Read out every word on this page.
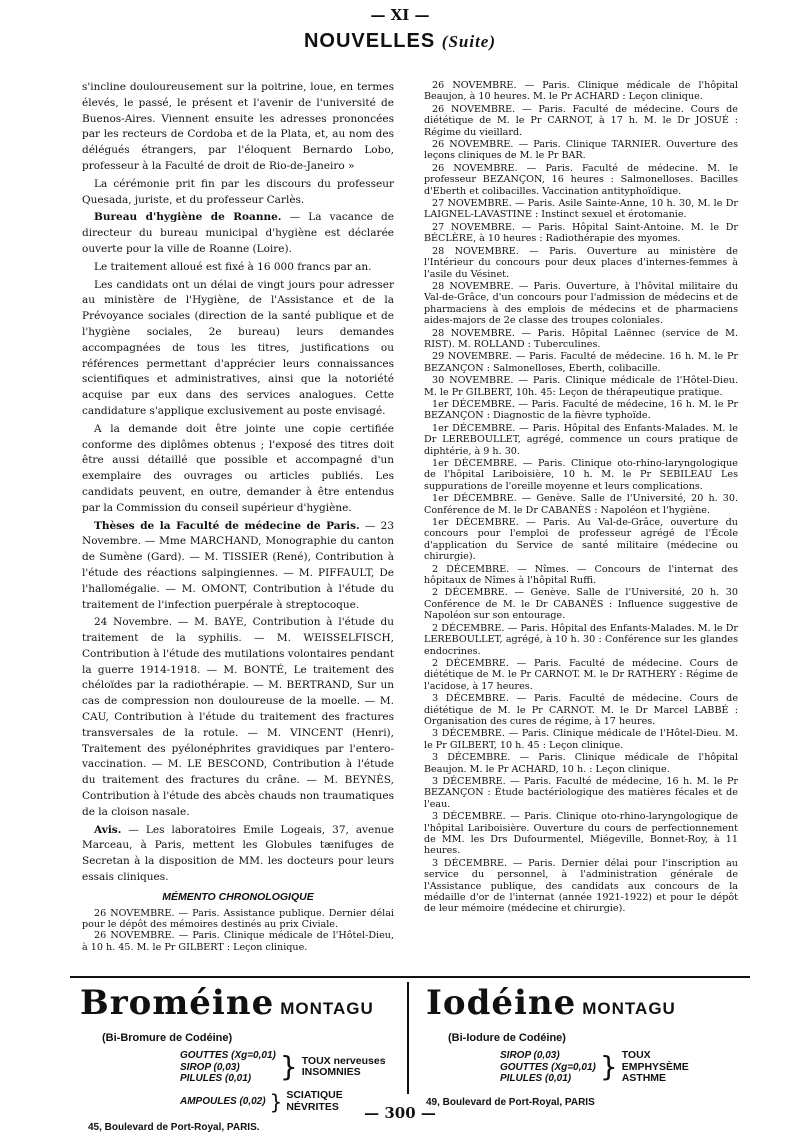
— XI —
NOUVELLES (Suite)

s'incline douloureusement sur la poitrine, loue, en termes élevés, le passé, le présent et l'avenir de l'université de Buenos-Aires. Viennent ensuite les adresses prononcées par les recteurs de Cordoba et de la Plata, et, au nom des délégués étrangers, par l'éloquent Bernardo Lobo, professeur à la Faculté de droit de Rio-de-Janeiro »

La cérémonie prit fin par les discours du professeur Quesada, juriste, et du professeur Carlès.

Bureau d'hygiène de Roanne. — La vacance de directeur du bureau municipal d'hygiène est déclarée ouverte pour la ville de Roanne (Loire).

Le traitement alloué est fixé à 16 000 francs par an.

Les candidats ont un délai de vingt jours pour adresser au ministère de l'Hygiène, de l'Assistance et de la Prévoyance sociales (direction de la santé publique et de l'hygiène sociales, 2e bureau) leurs demandes accompagnées de tous les titres, justifications ou références permettant d'apprécier leurs connaissances scientifiques et administratives, ainsi que la notoriété acquise par eux dans des services analogues. Cette candidature s'applique exclusivement au poste envisagé.

A la demande doit être jointe une copie certifiée conforme des diplômes obtenus ; l'exposé des titres doit être aussi détaillé que possible et accompagné d'un exemplaire des ouvrages ou articles publiés. Les candidats peuvent, en outre, demander à être entendus par la Commission du conseil supérieur d'hygiène.

Thèses de la Faculté de médecine de Paris. — 23 Novembre. — Mme MARCHAND, Monographie du canton de Sumène (Gard). — M. TISSIER (René), Contribution à l'étude des réactions salpingiennes. — M. PIFFAULT, De l'hallomégalie. — M. OMONT, Contribution à l'étude du traitement de l'infection puerpérale à streptocoque.

24 Novembre. — M. BAYE, Contribution à l'étude du traitement de la syphilis. — M. WEISSELFISCH, Contribution à l'étude des mutilations volontaires pendant la guerre 1914-1918. — M. BONTÉ, Le traitement des chéloïdes par la radiothérapie. — M. BERTRAND, Sur un cas de compression non douloureuse de la moelle. — M. CAU, Contribution à l'étude du traitement des fractures transversales de la rotule. — M. VINCENT (Henri), Traitement des pyélonéphrites gravidiques par l'entero-vaccination. — M. LE BESCOND, Contribution à l'étude du traitement des fractures du crâne. — M. BEYNÈS, Contribution à l'étude des abcès chauds non traumatiques de la cloison nasale.

Avis. — Les laboratoires Emile Logeais, 37, avenue Marceau, à Paris, mettent les Globules tænifuges de Secretan à la disposition de MM. les docteurs pour leurs essais cliniques.

MÉMENTO CHRONOLOGIQUE

26 NOVEMBRE. — Paris. Assistance publique. Dernier délai pour le dépôt des mémoires destinés au prix Civiale.

26 NOVEMBRE. — Paris. Clinique médicale de l'Hôtel-Dieu, à 10 h. 45. M. le Pr GILBERT : Leçon clinique.

26 NOVEMBRE. — Paris. Clinique médicale de l'hôpital Beaujon, à 10 heures. M. le Pr ACHARD : Leçon clinique.

26 NOVEMBRE. — Paris. Faculté de médecine. Cours de diététique de M. le Pr CARNOT, à 17 h. M. le Dr JOSUÉ : Régime du vieillard.

26 NOVEMBRE. — Paris. Clinique TARNIER. Ouverture des leçons cliniques de M. le Pr BAR.

26 NOVEMBRE. — Paris. Faculté de médecine. M. le professeur BEZANÇON, 16 heures : Salmonelloses. Bacilles d'Eberth et colibacilles. Vaccination antityphoïdique.

27 NOVEMBRE. — Paris. Asile Sainte-Anne, 10 h. 30, M. le Dr LAIGNEL-LAVASTINE : Instinct sexuel et érotomanie.

27 NOVEMBRE. — Paris. Hôpital Saint-Antoine. M. le Dr BÉCLÈRE, à 10 heures : Radiothérapie des myomes.

28 NOVEMBRE. — Paris. Ouverture au ministère de l'Intérieur du concours pour deux places d'internes-femmes à l'asile du Vésinet.

28 NOVEMBRE. — Paris. Ouverture, à l'hôvital militaire du Val-de-Grâce, d'un concours pour l'admission de médecins et de pharmaciens à des emplois de médecins et de pharmaciens aides-majors de 2e classe des troupes coloniales.

28 NOVEMBRE. — Paris. Hôpital Laënnec (service de M. RIST). M. ROLLAND : Tuberculines.

29 NOVEMBRE. — Paris. Faculté de médecine. 16 h. M. le Pr BEZANÇON : Salmonelloses, Eberth, colibacille.

30 NOVEMBRE. — Paris. Clinique médicale de l'Hôtel-Dieu. M. le Pr GILBERT, 10h. 45: Leçon de thérapeutique pratique.

1er DÉCEMBRE. — Paris. Faculté de médecine, 16 h. M. le Pr BEZANÇON : Diagnostic de la fièvre typhoïde.

1er DÉCEMBRE. — Paris. Hôpital des Enfants-Malades. M. le Dr LEREBOULLET, agrégé, commence un cours pratique de diphtérie, à 9 h. 30.

1er DÉCEMBRE. — Paris. Clinique oto-rhino-laryngologique de l'hôpital Lariboisière, 10 h. M. le Pr SEBILEAU Les suppurations de l'oreille moyenne et leurs complications.

1er DÉCEMBRE. — Genève. Salle de l'Université, 20 h. 30. Conférence de M. le Dr CABANÈS : Napoléon et l'hygiène.

1er DÉCEMBRE. — Paris. Au Val-de-Grâce, ouverture du concours pour l'emploi de professeur agrégé de l'École d'application du Service de santé militaire (médecine ou chirurgie).

2 DÉCEMBRE. — Nîmes. — Concours de l'internat des hôpitaux de Nîmes à l'hôpital Ruffi.

2 DÉCEMBRE. — Genève. Salle de l'Université, 20 h. 30 Conférence de M. le Dr CABANÈS : Influence suggestive de Napoléon sur son entourage.

2 DÉCEMBRE. — Paris. Hôpital des Enfants-Malades. M. le Dr LEREBOULLET, agrégé, à 10 h. 30 : Conférence sur les glandes endocrines.

2 DÉCEMBRE. — Paris. Faculté de médecine. Cours de diététique de M. le Pr CARNOT. M. le Dr RATHERY : Régime de l'acidose, à 17 heures.

3 DÉCEMBRE. — Paris. Faculté de médecine. Cours de diététique de M. le Pr CARNOT. M. le Dr Marcel LABBÉ : Organisation des cures de régime, à 17 heures.

3 DÉCEMBRE. — Paris. Clinique médicale de l'Hôtel-Dieu. M. le Pr GILBERT, 10 h. 45 : Leçon clinique.

3 DÉCEMBRE. — Paris. Clinique médicale de l'hôpital Beaujon. M. le Pr ACHARD, 10 h. : Leçon clinique.

3 DÉCEMBRE. — Paris. Faculté de médecine, 16 h. M. le Pr BEZANÇON : Étude bactériologique des matières fécales et de l'eau.

3 DÉCEMBRE. — Paris. Clinique oto-rhino-laryngologique de l'hôpital Lariboisière. Ouverture du cours de perfectionnement de MM. les Drs Dufourmentel, Miégeville, Bonnet-Roy, à 11 heures.

3 DÉCEMBRE. — Paris. Dernier délai pour l'inscription au service du personnel, à l'administration générale de l'Assistance publique, des candidats aux concours de la médaille d'or de l'internat (année 1921-1922) et pour le dépôt de leur mémoire (médecine et chirurgie).

Broméine MONTAGU
(Bi-Bromure de Codéine)
GOUTTES (Xg=0,01)
SIROP (0,03)
PILULES (0,01)	} TOUX nerveuses
INSOMNIES
AMPOULES (0,02) } SCIATIQUE
NÉVRITES
45, Boulevard de Port-Royal, PARIS.
Iodéine MONTAGU
(Bi-Iodure de Codéine)
SIROP (0,03)
GOUTTES (Xg=0,01)
PILULES (0,01)	} TOUX
EMPHYSÈME
ASTHME
49, Boulevard de Port-Royal, PARIS
— 300 —
